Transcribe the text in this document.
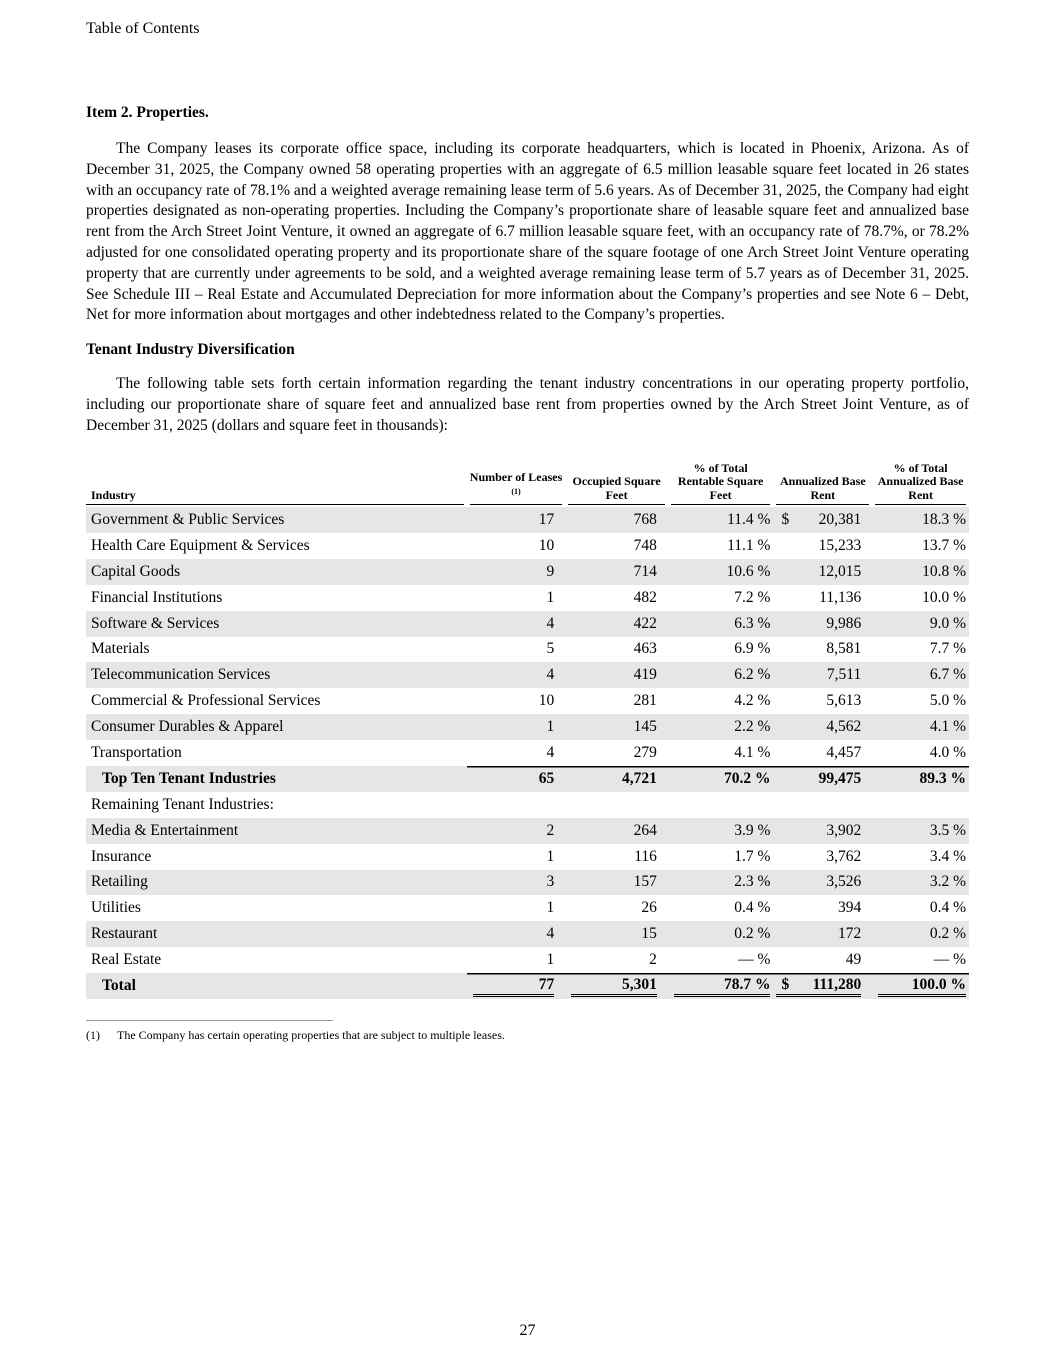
Table of Contents
Item 2. Properties.

The Company leases its corporate office space, including its corporate headquarters, which is located in Phoenix, Arizona. As of December 31, 2025, the Company owned 58 operating properties with an aggregate of 6.5 million leasable square feet located in 26 states with an occupancy rate of 78.1% and a weighted average remaining lease term of 5.6 years. As of December 31, 2025, the Company had eight properties designated as non-operating properties. Including the Company’s proportionate share of leasable square feet and annualized base rent from the Arch Street Joint Venture, it owned an aggregate of 6.7 million leasable square feet, with an occupancy rate of 78.7%, or 78.2% adjusted for one consolidated operating property and its proportionate share of the square footage of one Arch Street Joint Venture operating property that are currently under agreements to be sold, and a weighted average remaining lease term of 5.7 years as of December 31, 2025. See Schedule III – Real Estate and Accumulated Depreciation for more information about the Company’s properties and see Note 6 – Debt, Net for more information about mortgages and other indebtedness related to the Company’s properties.

Tenant Industry Diversification

The following table sets forth certain information regarding the tenant industry concentrations in our operating property portfolio, including our proportionate share of square feet and annualized base rent from properties owned by the Arch Street Joint Venture, as of December 31, 2025 (dollars and square feet in thousands):

Industry	Number of Leases $^{(1)}$	Occupied Square Feet	% of Total Rentable Square Feet	Annualized Base Rent	% of Total Annualized Base Rent

Government & Public Services	17	768	11.4 %	$ 20,381	18.3 %

Health Care Equipment & Services	10	748	11.1 %	15,233	13.7 %

Capital Goods	9	714	10.6 %	12,015	10.8 %

Financial Institutions	1	482	7.2 %	11,136	10.0 %

Software & Services	4	422	6.3 %	9,986	9.0 %

Materials	5	463	6.9 %	8,581	7.7 %

Telecommunication Services	4	419	6.2 %	7,511	6.7 %

Commercial & Professional Services	10	281	4.2 %	5,613	5.0 %

Consumer Durables & Apparel	1	145	2.2 %	4,562	4.1 %

Transportation	4	279	4.1 %	4,457	4.0 %

Top Ten Tenant Industries	65	4,721	70.2 %	99,475	89.3 %

Remaining Tenant Industries:					
Media & Entertainment	2	264	3.9 %	3,902	3.5 %

Insurance	1	116	1.7 %	3,762	3.4 %

Retailing	3	157	2.3 %	3,526	3.2 %

Utilities	1	26	0.4 %	394	0.4 %

Restaurant	4	15	0.2 %	172	0.2 %

Real Estate	1	2	— %	49	— %

Total	77	5,301	78.7 %	$ 111,280	100.0 %
(1)	The Company has certain operating properties that are subject to multiple leases.
27
